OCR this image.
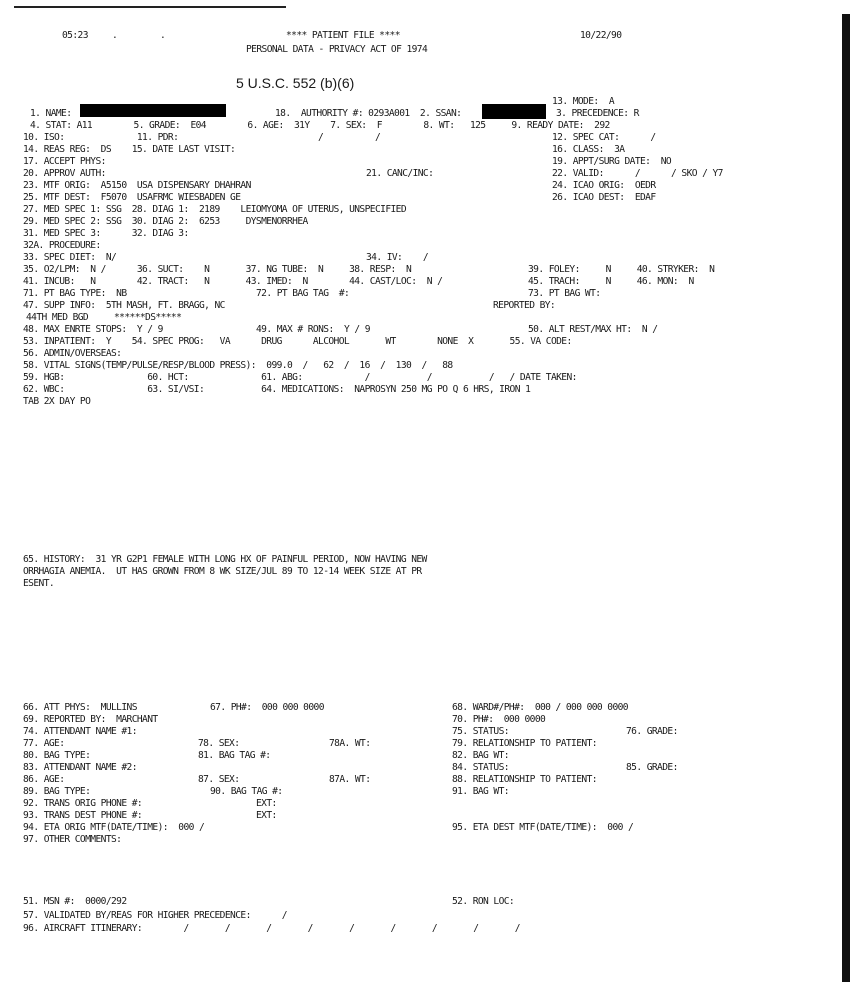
05:23	.	.	**** PATIENT FILE ****
PERSONAL DATA - PRIVACY ACT OF 1974
10/22/90
5 U.S.C. 552 (b)(6)
13. MODE:  A
1. NAME:	18.  AUTHORITY #: 0293A001  2. SSAN:	3. PRECEDENCE: R
4. STAT: A11        5. GRADE:  E04        6. AGE:  31Y    7. SEX:  F        8. WT:   125     9. READY DATE:  292
10. ISO:              11. PDR:                           /          /	12. SPEC CAT:      /
14. REAS REG:  DS    15. DATE LAST VISIT:	16. CLASS:  3A
17. ACCEPT PHYS:	19. APPT/SURG DATE:  NO
20. APPROV AUTH:	21. CANC/INC:	22. VALID:      /      / SKO / Y7
23. MTF ORIG:  A5150  USA DISPENSARY DHAHRAN	24. ICAO ORIG:  OEDR
25. MTF DEST:  F5070  USAFRMC WIESBADEN GE	26. ICAO DEST:  EDAF
27. MED SPEC 1: SSG  28. DIAG 1:  2189    LEIOMYOMA OF UTERUS, UNSPECIFIED
29. MED SPEC 2: SSG  30. DIAG 2:  6253     DYSMENORRHEA
31. MED SPEC 3:      32. DIAG 3:
32A. PROCEDURE:
33. SPEC DIET:  N/	34. IV:    /
35. O2/LPM:  N /      36. SUCT:    N       37. NG TUBE:  N     38. RESP:  N	39. FOLEY:     N     40. STRYKER:  N
41. INCUB:   N        42. TRACT:   N       43. IMED:  N        44. CAST/LOC:  N /	45. TRACH:     N     46. MON:  N
71. PT BAG TYPE:  NB	72. PT BAG TAG  #:	73. PT BAG WT:
47. SUPP INFO:  5TH MASH, FT. BRAGG, NC	REPORTED BY:
44TH MED BGD     ******DS*****
48. MAX ENRTE STOPS:  Y / 9	49. MAX # RONS:  Y / 9	50. ALT REST/MAX HT:  N /
53. INPATIENT:  Y    54. SPEC PROG:   VA      DRUG      ALCOHOL       WT        NONE  X       55. VA CODE:
56. ADMIN/OVERSEAS:
58. VITAL SIGNS(TEMP/PULSE/RESP/BLOOD PRESS):  099.0  /   62  /  16  /  130  /   88
59. HGB:                60. HCT:              61. ABG:            /           /           /   / DATE TAKEN:
62. WBC:                63. SI/VSI:           64. MEDICATIONS:  NAPROSYN 250 MG PO Q 6 HRS, IRON 1
TAB 2X DAY PO
65. HISTORY:  31 YR G2P1 FEMALE WITH LONG HX OF PAINFUL PERIOD, NOW HAVING NEW
ORRHAGIA ANEMIA.  UT HAS GROWN FROM 8 WK SIZE/JUL 89 TO 12-14 WEEK SIZE AT PR
ESENT.
66. ATT PHYS:  MULLINS	67. PH#:  000 000 0000	68. WARD#/PH#:  000 / 000 000 0000
69. REPORTED BY:  MARCHANT	70. PH#:  000 0000
74. ATTENDANT NAME #1:	75. STATUS:	76. GRADE:
77. AGE:	78. SEX:	78A. WT:	79. RELATIONSHIP TO PATIENT:
80. BAG TYPE:	81. BAG TAG #:	82. BAG WT:
83. ATTENDANT NAME #2:	84. STATUS:	85. GRADE:
86. AGE:	87. SEX:	87A. WT:	88. RELATIONSHIP TO PATIENT:
89. BAG TYPE:	90. BAG TAG #:	91. BAG WT:
92. TRANS ORIG PHONE #:	EXT:
93. TRANS DEST PHONE #:	EXT:
94. ETA ORIG MTF(DATE/TIME):  000 /	95. ETA DEST MTF(DATE/TIME):  000 /
97. OTHER COMMENTS:
51. MSN #:  0000/292	52. RON LOC:
57. VALIDATED BY/REAS FOR HIGHER PRECEDENCE:      /
96. AIRCRAFT ITINERARY:        /       /       /       /       /       /       /       /       /
